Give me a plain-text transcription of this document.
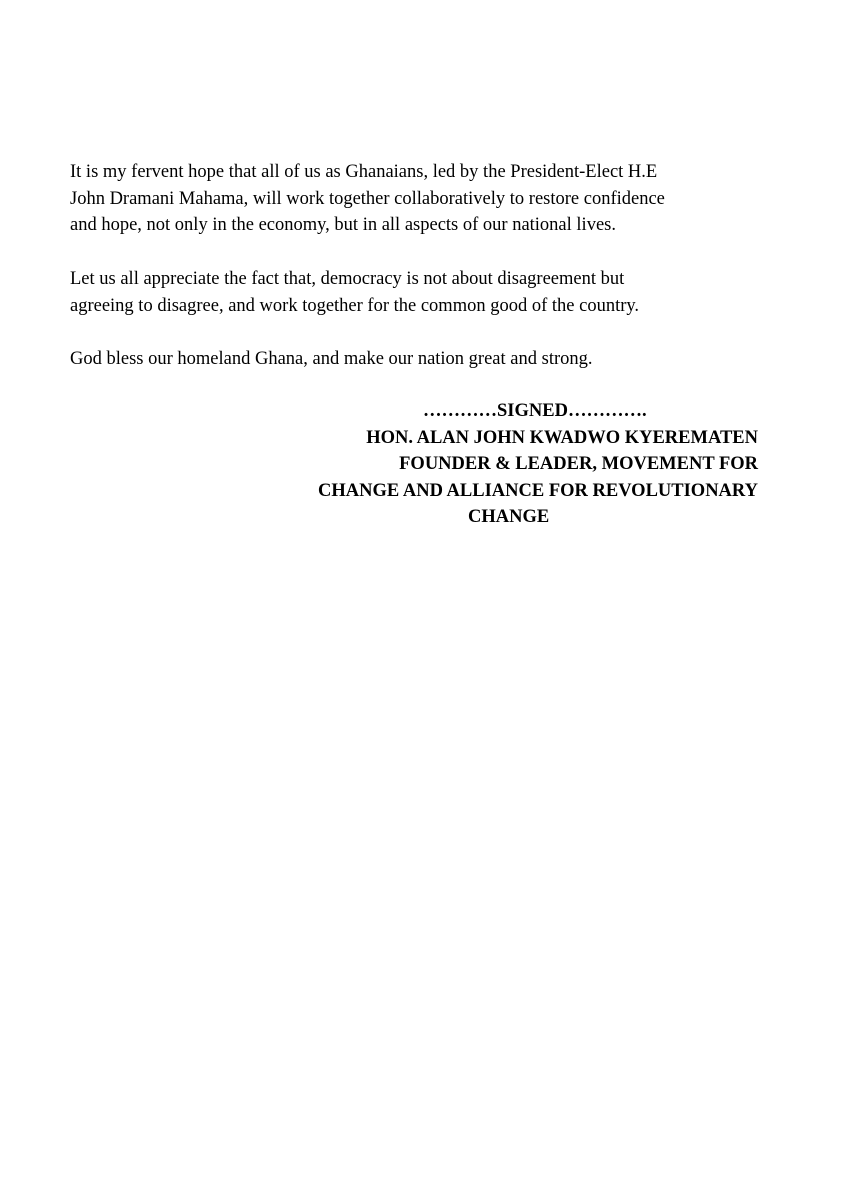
It is my fervent hope that all of us as Ghanaians, led by the President-Elect H.E
John Dramani Mahama, will work together collaboratively to restore confidence
and hope, not only in the economy, but in all aspects of our national lives.
Let us all appreciate the fact that, democracy is not about disagreement but
agreeing to disagree, and work together for the common good of the country.
God bless our homeland Ghana, and make our nation great and strong.
…………SIGNED………….
HON. ALAN JOHN KWADWO KYEREMATEN
FOUNDER & LEADER, MOVEMENT FOR
CHANGE AND ALLIANCE FOR REVOLUTIONARY
CHANGE
